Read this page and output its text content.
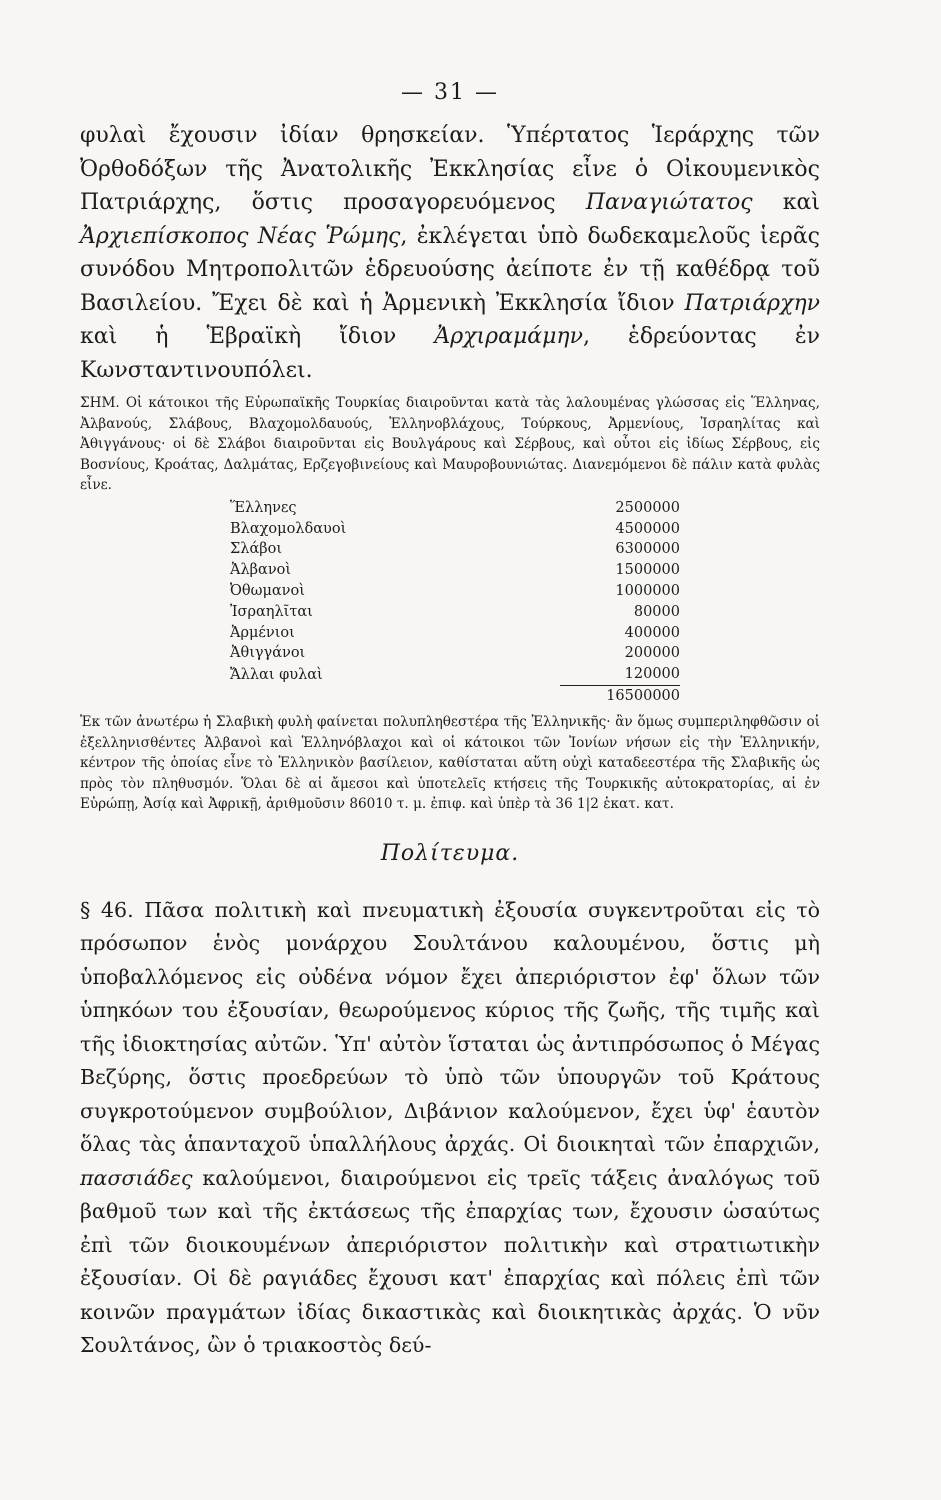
— 31 —

φυλαὶ ἔχουσιν ἰδίαν θρησκείαν. Ὑπέρτατος Ἱεράρχης τῶν Ὀρθοδόξων τῆς Ἀνατολικῆς Ἐκκλησίας εἶνε ὁ Οἰκουμενικὸς Πατριάρχης, ὅστις προσαγορευόμενος Παναγιώτατος καὶ Ἀρχιεπίσκοπος Νέας Ῥώμης, ἐκλέγεται ὑπὸ δωδεκαμελοῦς ἱερᾶς συνόδου Μητροπολιτῶν ἑδρευούσης ἀείποτε ἐν τῇ καθέδρᾳ τοῦ Βασιλείου. Ἔχει δὲ καὶ ἡ Ἀρμενικὴ Ἐκκλησία ἴδιον Πατριάρχην καὶ ἡ Ἑβραϊκὴ ἴδιον Ἀρχιραμάμην, ἑδρεύοντας ἐν Κωνσταντινουπόλει.

ΣΗΜ. Οἱ κάτοικοι τῆς Εὐρωπαϊκῆς Τουρκίας διαιροῦνται κατὰ τὰς λαλουμένας γλώσσας εἰς Ἕλληνας, Ἀλβανούς, Σλάβους, Βλαχομολδαυούς, Ἑλληνοβλάχους, Τούρκους, Ἀρμενίους, Ἰσραηλίτας καὶ Ἀθιγγάνους· οἱ δὲ Σλάβοι διαιροῦνται εἰς Βουλγάρους καὶ Σέρβους, καὶ οὗτοι εἰς ἰδίως Σέρβους, εἰς Βοσνίους, Κροάτας, Δαλμάτας, Ερζεγοβινείους καὶ Μαυροβουνιώτας. Διανεμόμενοι δὲ πάλιν κατὰ φυλὰς εἶνε.

Ἕλληνες	2500000
Βλαχομολδαυοὶ	4500000
Σλάβοι	6300000
Ἀλβανοὶ	1500000
Ὀθωμανοὶ	1000000
Ἰσραηλῖται	80000
Ἀρμένιοι	400000
Ἀθιγγάνοι	200000
Ἄλλαι φυλαὶ	120000
	16500000

Ἐκ τῶν ἀνωτέρω ἡ Σλαβικὴ φυλὴ φαίνεται πολυπληθεστέρα τῆς Ἑλληνικῆς· ἂν ὅμως συμπεριληφθῶσιν οἱ ἐξελληνισθέντες Ἀλβανοὶ καὶ Ἑλληνόβλαχοι καὶ οἱ κάτοικοι τῶν Ἰονίων νήσων εἰς τὴν Ἑλληνικήν, κέντρον τῆς ὁποίας εἶνε τὸ Ἑλληνικὸν βασίλειον, καθίσταται αὕτη οὐχὶ καταδεεστέρα τῆς Σλαβικῆς ὡς πρὸς τὸν πληθυσμόν. Ὅλαι δὲ αἱ ἄμεσοι καὶ ὑποτελεῖς κτήσεις τῆς Τουρκικῆς αὐτοκρατορίας, αἱ ἐν Εὐρώπῃ, Ἀσίᾳ καὶ Ἀφρικῇ, ἀριθμοῦσιν 86010 τ. μ. ἐπιφ. καὶ ὑπὲρ τὰ 36 1|2 ἑκατ. κατ.

Πολίτευμα.

§ 46. Πᾶσα πολιτικὴ καὶ πνευματικὴ ἐξουσία συγκεντροῦται εἰς τὸ πρόσωπον ἑνὸς μονάρχου Σουλτάνου καλουμένου, ὅστις μὴ ὑποβαλλόμενος εἰς οὐδένα νόμον ἔχει ἀπεριόριστον ἐφ' ὅλων τῶν ὑπηκόων του ἐξουσίαν, θεωρούμενος κύριος τῆς ζωῆς, τῆς τιμῆς καὶ τῆς ἰδιοκτησίας αὐτῶν. Ὑπ' αὐτὸν ἵσταται ὡς ἀντιπρόσωπος ὁ Μέγας Βεζύρης, ὅστις προεδρεύων τὸ ὑπὸ τῶν ὑπουργῶν τοῦ Κράτους συγκροτούμενον συμβούλιον, Διβάνιον καλούμενον, ἔχει ὑφ' ἑαυτὸν ὅλας τὰς ἁπανταχοῦ ὑπαλλήλους ἀρχάς. Οἱ διοικηταὶ τῶν ἐπαρχιῶν, πασσιάδες καλούμενοι, διαιρούμενοι εἰς τρεῖς τάξεις ἀναλόγως τοῦ βαθμοῦ των καὶ τῆς ἐκτάσεως τῆς ἐπαρχίας των, ἔχουσιν ὡσαύτως ἐπὶ τῶν διοικουμένων ἀπεριόριστον πολιτικὴν καὶ στρατιωτικὴν ἐξουσίαν. Οἱ δὲ ραγιάδες ἔχουσι κατ' ἐπαρχίας καὶ πόλεις ἐπὶ τῶν κοινῶν πραγμάτων ἰδίας δικαστικὰς καὶ διοικητικὰς ἀρχάς. Ὁ νῦν Σουλτάνος, ὢν ὁ τριακοστὸς δεύ-
